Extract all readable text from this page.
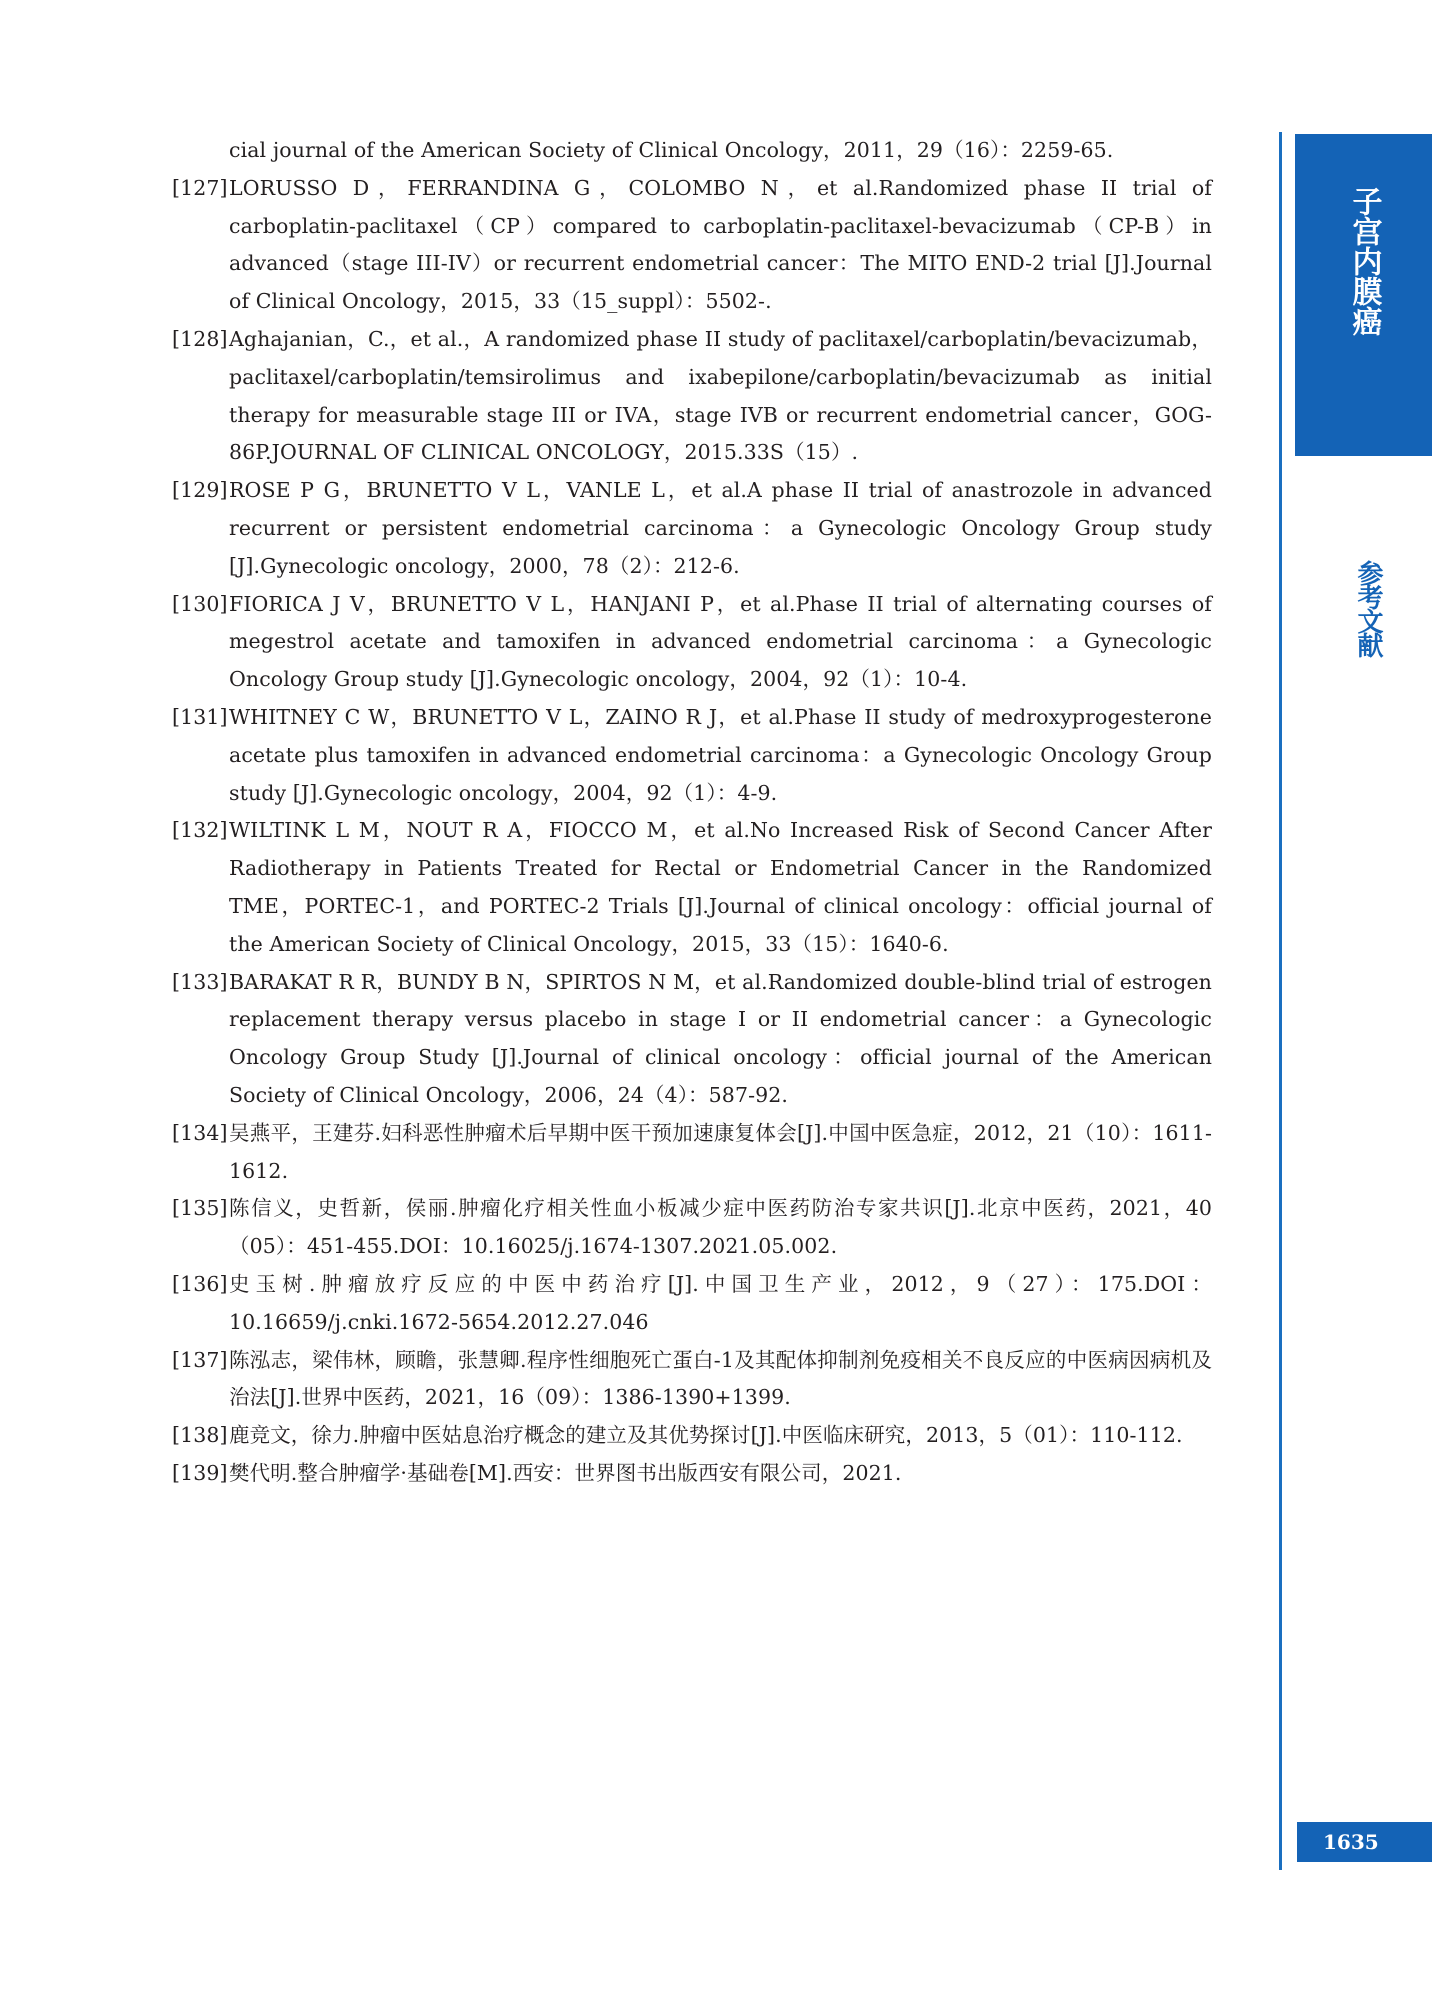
cial journal of the American Society of Clinical Oncology，2011，29（16）：2259-65.

[127] LORUSSO D，FERRANDINA G，COLOMBO N，et al.Randomized phase II trial of carboplatin-paclitaxel（CP）compared to carboplatin-paclitaxel-bevacizumab（CP-B）in advanced（stage III-IV）or recurrent endometrial cancer：The MITO END-2 trial [J].Journal of Clinical Oncology，2015，33（15_suppl）：5502-.

[128] Aghajanian，C.，et al.，A randomized phase II study of paclitaxel/carboplatin/bevacizumab，paclitaxel/carboplatin/temsirolimus and ixabepilone/carboplatin/bevacizumab as initial therapy for measurable stage III or IVA，stage IVB or recurrent endometrial cancer，GOG-86P.JOURNAL OF CLINICAL ONCOLOGY，2015.33S（15）.

[129] ROSE P G，BRUNETTO V L，VANLE L，et al.A phase II trial of anastrozole in advanced recurrent or persistent endometrial carcinoma：a Gynecologic Oncology Group study [J].Gynecologic oncology，2000，78（2）：212-6.

[130] FIORICA J V，BRUNETTO V L，HANJANI P，et al.Phase II trial of alternating courses of megestrol acetate and tamoxifen in advanced endometrial carcinoma：a Gynecologic Oncology Group study [J].Gynecologic oncology，2004，92（1）：10-4.

[131] WHITNEY C W，BRUNETTO V L，ZAINO R J，et al.Phase II study of medroxyprogesterone acetate plus tamoxifen in advanced endometrial carcinoma：a Gynecologic Oncology Group study [J].Gynecologic oncology，2004，92（1）：4-9.

[132] WILTINK L M，NOUT R A，FIOCCO M，et al.No Increased Risk of Second Cancer After Radiotherapy in Patients Treated for Rectal or Endometrial Cancer in the Randomized TME，PORTEC-1，and PORTEC-2 Trials [J].Journal of clinical oncology：official journal of the American Society of Clinical Oncology，2015，33（15）：1640-6.

[133] BARAKAT R R，BUNDY B N，SPIRTOS N M，et al.Randomized double-blind trial of estrogen replacement therapy versus placebo in stage I or II endometrial cancer：a Gynecologic Oncology Group Study [J].Journal of clinical oncology：official journal of the American Society of Clinical Oncology，2006，24（4）：587-92.

[134] 吴燕平，王建芬.妇科恶性肿瘤术后早期中医干预加速康复体会[J].中国中医急症，2012，21（10）：1611-1612.

[135] 陈信义，史哲新，侯丽.肿瘤化疗相关性血小板减少症中医药防治专家共识[J].北京中医药，2021，40（05）：451-455.DOI：10.16025/j.1674-1307.2021.05.002.

[136] 史玉树.肿瘤放疗反应的中医中药治疗[J].中国卫生产业，2012，9（27）：175.DOI：10.16659/j.cnki.1672-5654.2012.27.046

[137] 陈泓志，梁伟林，顾瞻，张慧卿.程序性细胞死亡蛋白-1及其配体抑制剂免疫相关不良反应的中医病因病机及治法[J].世界中医药，2021，16（09）：1386-1390+1399.

[138] 鹿竞文，徐力.肿瘤中医姑息治疗概念的建立及其优势探讨[J].中医临床研究，2013，5（01）：110-112.

[139] 樊代明.整合肿瘤学·基础卷[M].西安：世界图书出版西安有限公司，2021.

子宫内膜癌
参考文献
1635
